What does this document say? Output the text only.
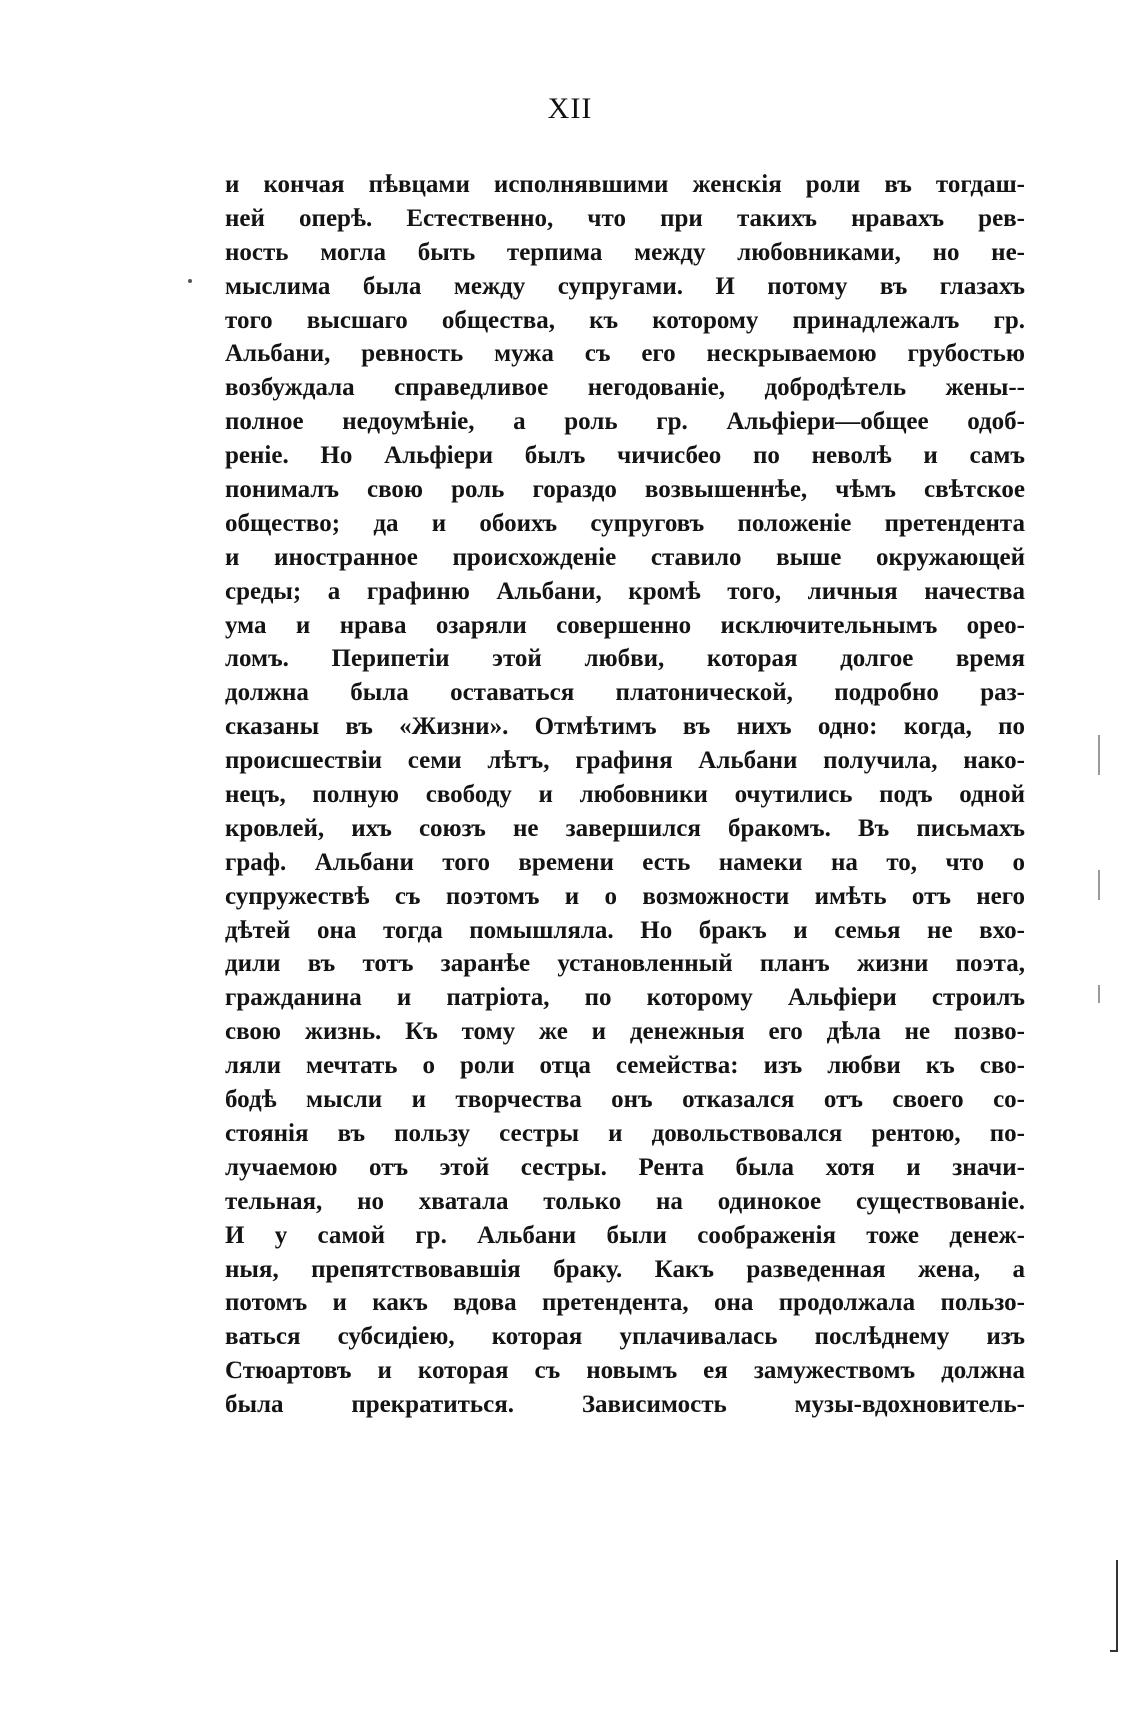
XII
и кончая пѣвцами исполнявшими женскія роли въ тогдаш-
ней оперѣ. Естественно, что при такихъ нравахъ рев-
ность могла быть терпима между любовниками, но не-
мыслима была между супругами. И потому въ глазахъ
того высшаго общества, къ которому принадлежалъ гр.
Альбани, ревность мужа съ его нескрываемою грубостью
возбуждала справедливое негодованіе, добродѣтель жены--
полное недоумѣніе, а роль гр. Альфіери—общее одоб-
реніе. Но Альфіери былъ чичисбео по неволѣ и самъ
понималъ свою роль гораздо возвышеннѣе, чѣмъ свѣтское
общество; да и обоихъ супруговъ положеніе претендента
и иностранное происхожденіе ставило выше окружающей
среды; а графиню Альбани, кромѣ того, личныя начества
ума и нрава озаряли совершенно исключительнымъ орео-
ломъ. Перипетіи этой любви, которая долгое время
должна была оставаться платонической, подробно раз-
сказаны въ «Жизни». Отмѣтимъ въ нихъ одно: когда, по
происшествіи семи лѣтъ, графиня Альбани получила, нако-
нецъ, полную свободу и любовники очутились подъ одной
кровлей, ихъ союзъ не завершился бракомъ. Въ письмахъ
граф. Альбани того времени есть намеки на то, что о
супружествѣ съ поэтомъ и о возможности имѣть отъ него
дѣтей она тогда помышляла. Но бракъ и семья не вхо-
дили въ тотъ заранѣе установленный планъ жизни поэта,
гражданина и патріота, по которому Альфіери строилъ
свою жизнь. Къ тому же и денежныя его дѣла не позво-
ляли мечтать о роли отца семейства: изъ любви къ сво-
бодѣ мысли и творчества онъ отказался отъ своего со-
стоянія въ пользу сестры и довольствовался рентою, по-
лучаемою отъ этой сестры. Рента была хотя и значи-
тельная, но хватала только на одинокое существованіе.
И у самой гр. Альбани были соображенія тоже денеж-
ныя, препятствовавшія браку. Какъ разведенная жена, а
потомъ и какъ вдова претендента, она продолжала пользо-
ваться субсидіею, которая уплачивалась послѣднему изъ
Стюартовъ и которая съ новымъ ея замужествомъ должна
была прекратиться. Зависимость музы-вдохновитель-
